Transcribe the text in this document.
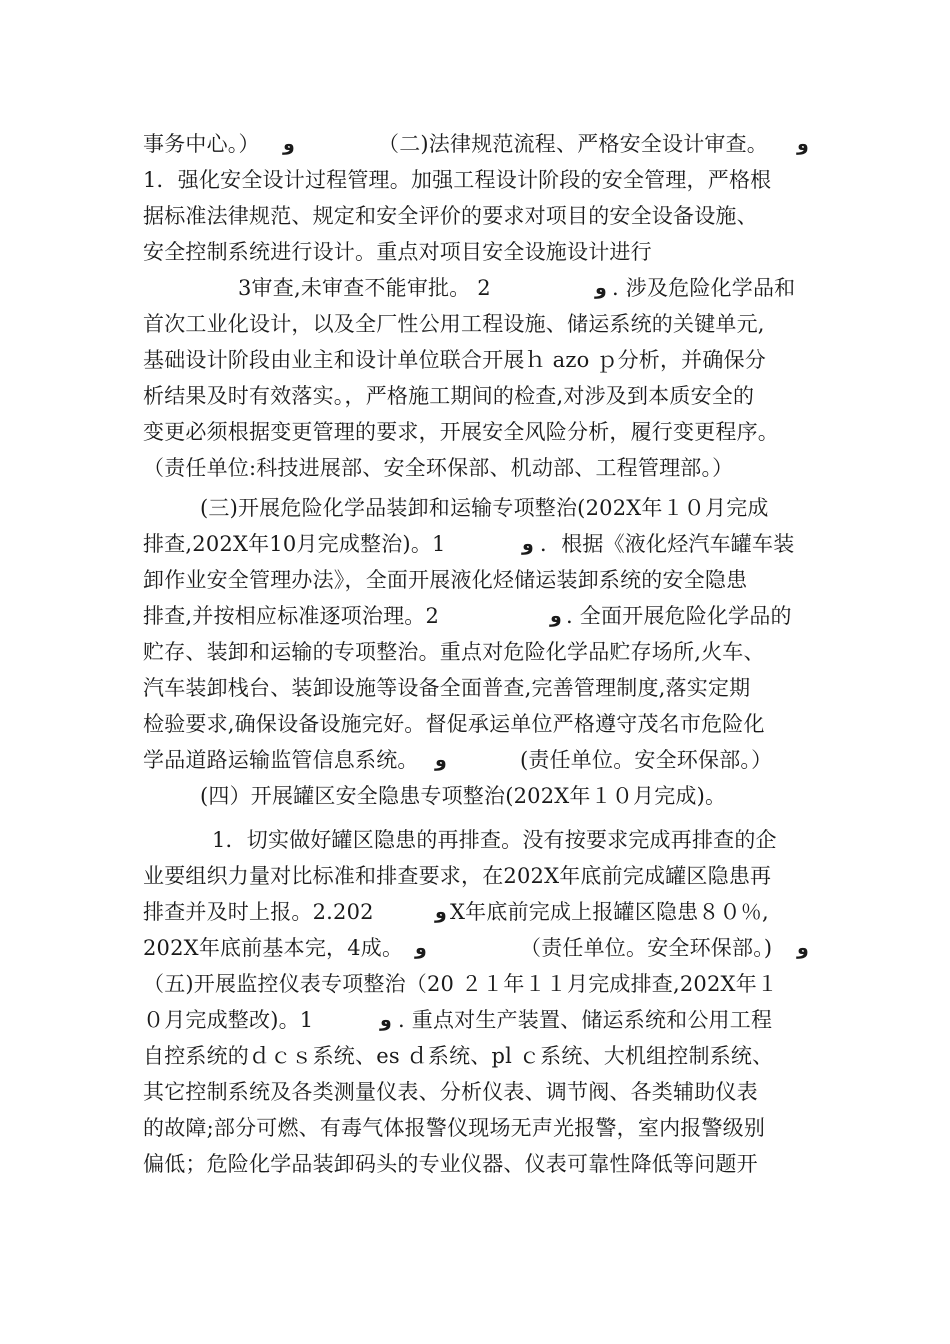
事务中心。） ﻭ	（二)法律规范流程、严格安全设计审查。 ﻭ
1．强化安全设计过程管理。加强工程设计阶段的安全管理，严格根
据标准法律规范、规定和安全评价的要求对项目的安全设备设施、
安全控制系统进行设计。重点对项目安全设施设计进行
3审查,未审查不能审批。 2	ﻭ . 涉及危险化学品和
首次工业化设计，以及全厂性公用工程设施、储运系统的关键单元,
基础设计阶段由业主和设计单位联合开展ｈ azo ｐ分析，并确保分
析结果及时有效落实。，严格施工期间的检查,对涉及到本质安全的
变更必须根据变更管理的要求，开展安全风险分析，履行变更程序。
（责任单位:科技进展部、安全环保部、机动部、工程管理部。）
(三)开展危险化学品装卸和运输专项整治(202X年１０月完成
排查,202X年10月完成整治)。1	ﻭ ．根据《液化烃汽车罐车装
卸作业安全管理办法》，全面开展液化烃储运装卸系统的安全隐患
排查,并按相应标准逐项治理。2	ﻭ . 全面开展危险化学品的
贮存、装卸和运输的专项整治。重点对危险化学品贮存场所,火车、
汽车装卸栈台、装卸设施等设备全面普查,完善管理制度,落实定期
检验要求,确保设备设施完好。督促承运单位严格遵守茂名市危险化
学品道路运输监管信息系统。 ﻭ	(责任单位。安全环保部。）
(四）开展罐区安全隐患专项整治(202X年１０月完成)。
1．切实做好罐区隐患的再排查。没有按要求完成再排查的企
业要组织力量对比标准和排查要求，在202X年底前完成罐区隐患再
排查并及时上报。2.202	ﻭ X年底前完成上报罐区隐患８０％,
202X年底前基本完，4成。 ﻭ	（责任单位。安全环保部。) ﻭ
（五)开展监控仪表专项整治（20 ２１年１１月完成排查,202X年１
０月完成整改)。1	ﻭ . 重点对生产装置、储运系统和公用工程
自控系统的ｄｃｓ系统、es ｄ系统、pl ｃ系统、大机组控制系统、
其它控制系统及各类测量仪表、分析仪表、调节阀、各类辅助仪表
的故障;部分可燃、有毒气体报警仪现场无声光报警，室内报警级别
偏低；危险化学品装卸码头的专业仪器、仪表可靠性降低等问题开
